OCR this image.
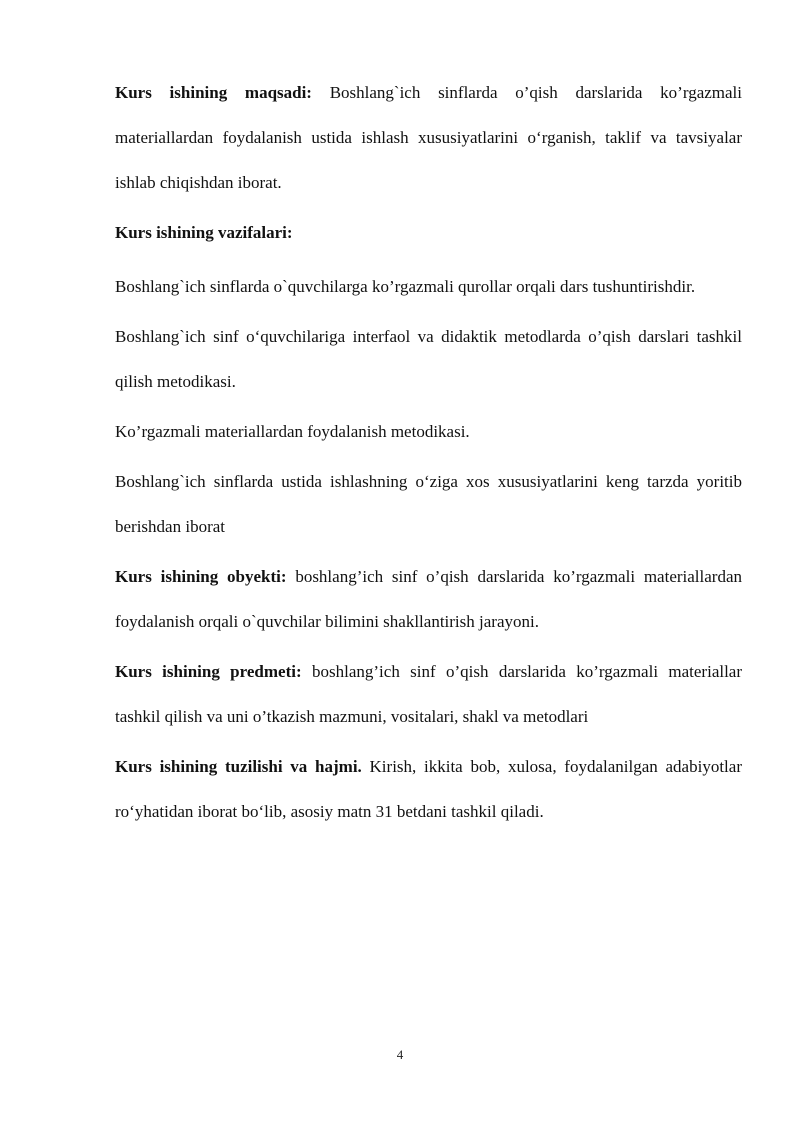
Kurs ishining maqsadi: Boshlang`ich sinflarda o’qish darslarida ko’rgazmali materiallardan foydalanish ustida ishlash xususiyatlarini o‘rganish, taklif va tavsiyalar ishlab chiqishdan iborat.

Kurs ishining vazifalari:

Boshlang`ich sinflarda o`quvchilarga ko’rgazmali qurollar orqali dars tushuntirishdir.

Boshlang`ich sinf o‘quvchilariga interfaol va didaktik metodlarda o’qish darslari tashkil qilish metodikasi.

Ko’rgazmali materiallardan foydalanish metodikasi.

Boshlang`ich sinflarda ustida ishlashning o‘ziga xos xususiyatlarini keng tarzda yoritib berishdan iborat

Kurs ishining obyekti: boshlang’ich sinf o’qish darslarida ko’rgazmali materiallardan foydalanish orqali o`quvchilar bilimini shakllantirish jarayoni.

Kurs ishining predmeti: boshlang’ich sinf o’qish darslarida ko’rgazmali materiallar tashkil qilish va uni o’tkazish mazmuni, vositalari, shakl va metodlari

Kurs ishining tuzilishi va hajmi. Kirish, ikkita bob, xulosa, foydalanilgan adabiyotlar ro‘yhatidan iborat bo‘lib, asosiy matn 31 betdani tashkil qiladi.

4
